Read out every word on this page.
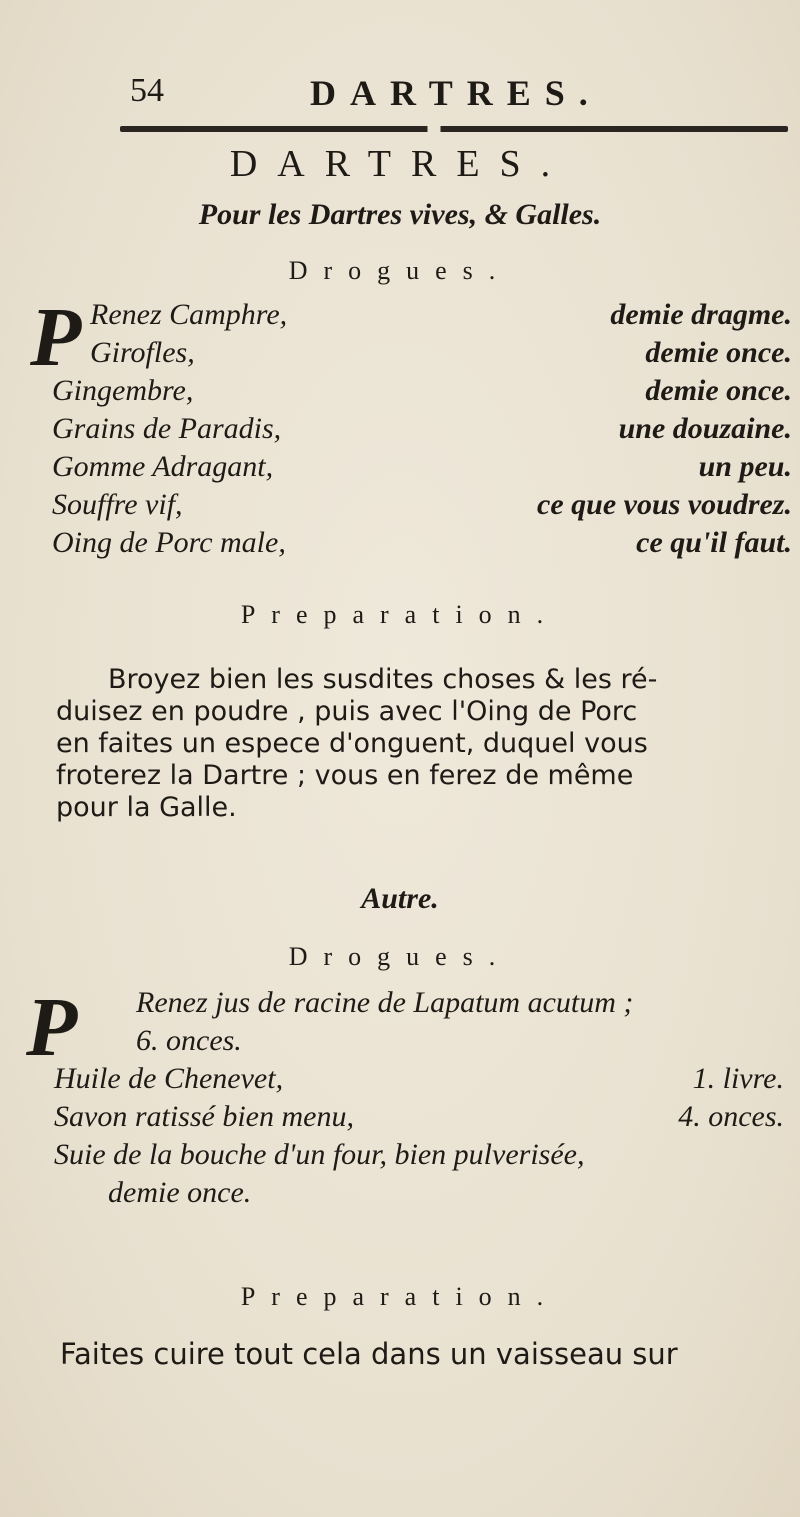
54	DARTRES.
DARTRES.
Pour les Dartres vives, & Galles.
Drogues.
P Renez Camphre,	demie dragme.
Girofles,	demie once.
Gingembre,	demie once.
Grains de Paradis,	une douzaine.
Gomme Adragant,	un peu.
Souffre vif,	ce que vous voudrez.
Oing de Porc male,	ce qu'il faut.
Preparation.
Broyez bien les susdites choses & les ré-
duisez en poudre , puis avec l'Oing de Porc
en faites un espece d'onguent, duquel vous
froterez la Dartre ; vous en ferez de même
pour la Galle.
Autre.
Drogues.
P	Renez jus de racine de Lapatum acutum ;
6. onces.
Huile de Chenevet,	1. livre.
Savon ratissé bien menu,	4. onces.
Suie de la bouche d'un four, bien pulverisée,
demie once.
Preparation.
Faites cuire tout cela dans un vaisseau sur
